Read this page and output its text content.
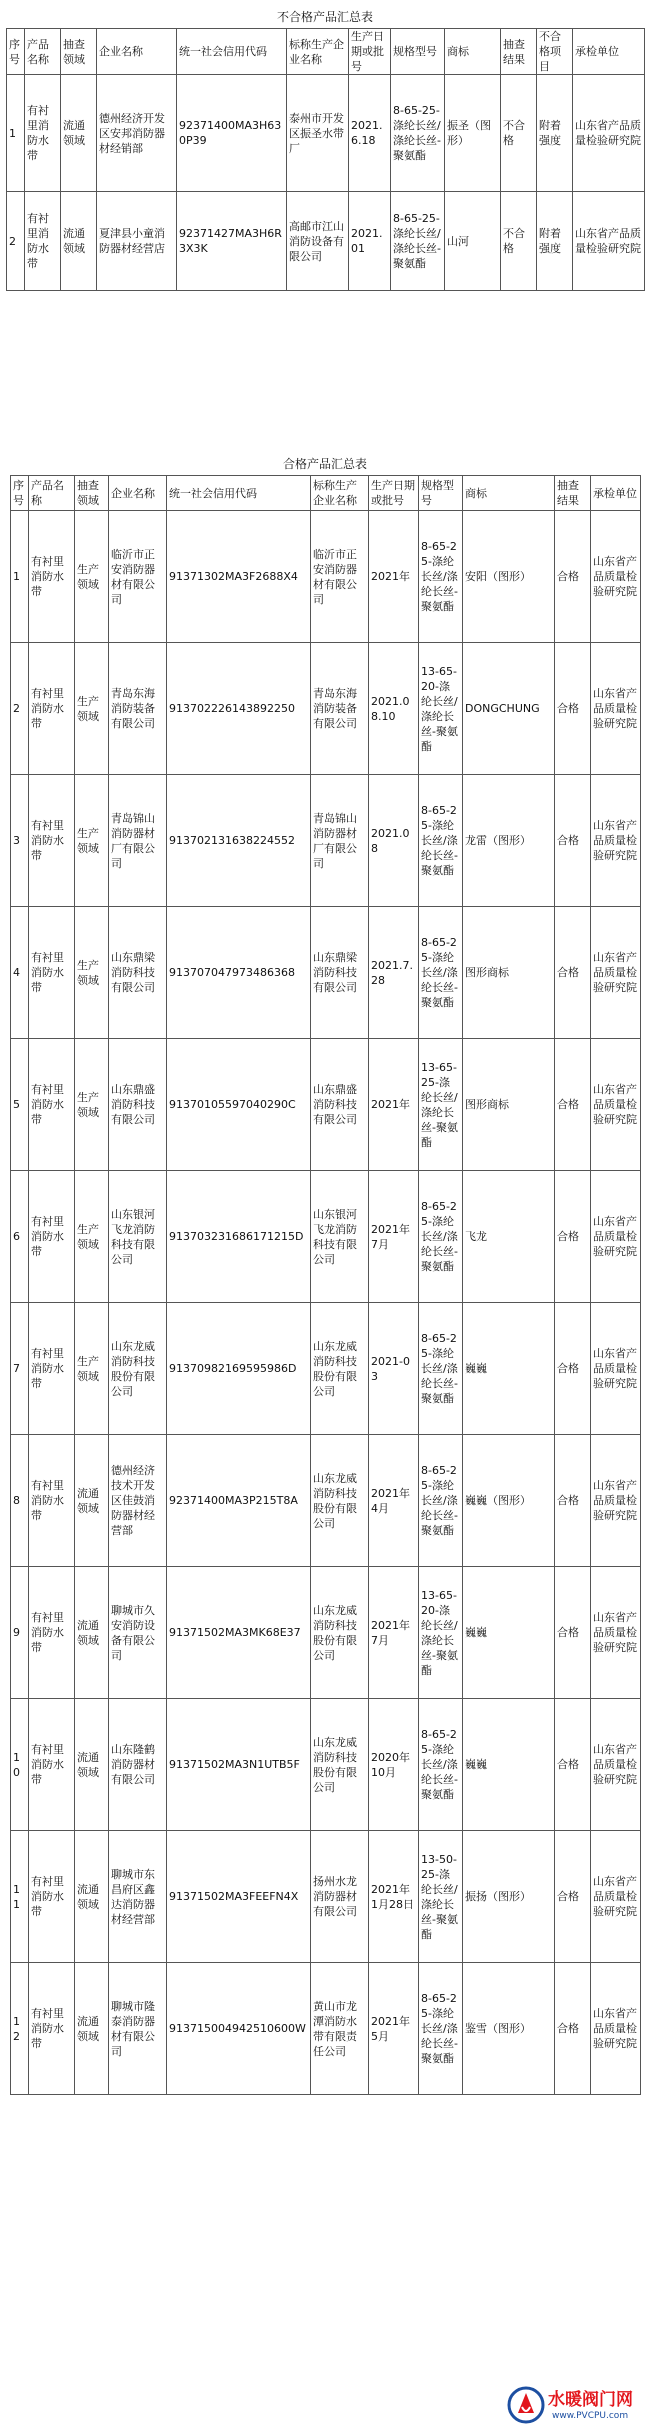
不合格产品汇总表
序号	产品名称	抽查领域	企业名称	统一社会信用代码	标称生产企业名称	生产日期或批号	规格型号	商标	抽查结果	不合格项目	承检单位
1	有衬里消防水带	流通领域	德州经济开发区安邦消防器材经销部	92371400MA3H630P39	泰州市开发区振圣水带厂	2021.6.18	8-65-25-涤纶长丝/涤纶长丝-聚氨酯	振圣（图形）	不合格	附着强度	山东省产品质量检验研究院
2	有衬里消防水带	流通领域	夏津县小童消防器材经营店	92371427MA3H6R3X3K	高邮市江山消防设备有限公司	2021.01	8-65-25-涤纶长丝/涤纶长丝-聚氨酯	山河	不合格	附着强度	山东省产品质量检验研究院
合格产品汇总表
序号	产品名称	抽查领域	企业名称	统一社会信用代码	标称生产企业名称	生产日期或批号	规格型号	商标	抽查结果	承检单位
1	有衬里消防水带	生产领域	临沂市正安消防器材有限公司	91371302MA3F2688X4	临沂市正安消防器材有限公司	2021年	8-65-25-涤纶长丝/涤纶长丝-聚氨酯	安阳（图形）	合格	山东省产品质量检验研究院
2	有衬里消防水带	生产领域	青岛东海消防装备有限公司	913702226143892250	青岛东海消防装备有限公司	2021.08.10	13-65-20-涤纶长丝/涤纶长丝-聚氨酯	DONGCHUNG	合格	山东省产品质量检验研究院
3	有衬里消防水带	生产领域	青岛锦山消防器材厂有限公司	913702131638224552	青岛锦山消防器材厂有限公司	2021.08	8-65-25-涤纶长丝/涤纶长丝-聚氨酯	龙雷（图形）	合格	山东省产品质量检验研究院
4	有衬里消防水带	生产领域	山东鼎梁消防科技有限公司	913707047973486368	山东鼎梁消防科技有限公司	2021.7.28	8-65-25-涤纶长丝/涤纶长丝-聚氨酯	图形商标	合格	山东省产品质量检验研究院
5	有衬里消防水带	生产领域	山东鼎盛消防科技有限公司	91370105597040290C	山东鼎盛消防科技有限公司	2021年	13-65-25-涤纶长丝/涤纶长丝-聚氨酯	图形商标	合格	山东省产品质量检验研究院
6	有衬里消防水带	生产领域	山东银河飞龙消防科技有限公司	913703231686171215D	山东银河飞龙消防科技有限公司	2021年7月	8-65-25-涤纶长丝/涤纶长丝-聚氨酯	飞龙	合格	山东省产品质量检验研究院
7	有衬里消防水带	生产领域	山东龙威消防科技股份有限公司	91370982169595986D	山东龙威消防科技股份有限公司	2021-03	8-65-25-涤纶长丝/涤纶长丝-聚氨酯	巍巍	合格	山东省产品质量检验研究院
8	有衬里消防水带	流通领域	德州经济技术开发区佳鼓消防器材经营部	92371400MA3P215T8A	山东龙威消防科技股份有限公司	2021年4月	8-65-25-涤纶长丝/涤纶长丝-聚氨酯	巍巍（图形）	合格	山东省产品质量检验研究院
9	有衬里消防水带	流通领域	聊城市久安消防设备有限公司	91371502MA3MK68E37	山东龙威消防科技股份有限公司	2021年7月	13-65-20-涤纶长丝/涤纶长丝-聚氨酯	巍巍	合格	山东省产品质量检验研究院
10	有衬里消防水带	流通领域	山东隆鹤消防器材有限公司	91371502MA3N1UTB5F	山东龙威消防科技股份有限公司	2020年10月	8-65-25-涤纶长丝/涤纶长丝-聚氨酯	巍巍	合格	山东省产品质量检验研究院
11	有衬里消防水带	流通领域	聊城市东昌府区鑫达消防器材经营部	91371502MA3FEEFN4X	扬州水龙消防器材有限公司	2021年1月28日	13-50-25-涤纶长丝/涤纶长丝-聚氨酯	振扬（图形）	合格	山东省产品质量检验研究院
12	有衬里消防水带	流通领域	聊城市隆泰消防器材有限公司	913715004942510600W	黄山市龙潭消防水带有限责任公司	2021年5月	8-65-25-涤纶长丝/涤纶长丝-聚氨酯	鉴雪（图形）	合格	山东省产品质量检验研究院
水暖阀门网
www.PVCPU.com
